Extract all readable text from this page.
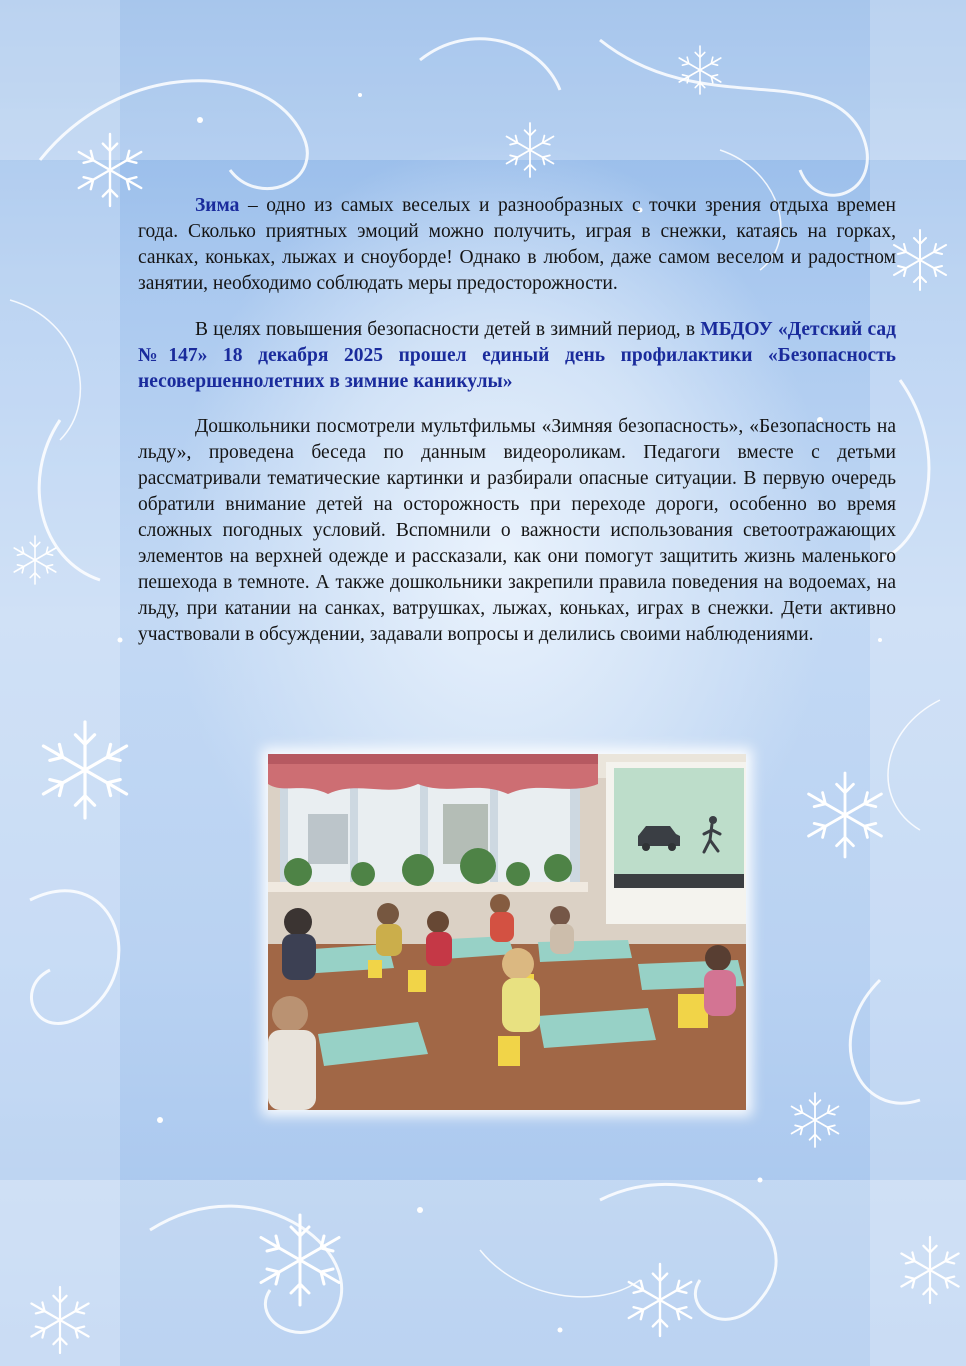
Зима – одно из самых веселых и разнообразных с точки зрения отдыха времен года. Сколько приятных эмоций можно получить, играя в снежки, катаясь на горках, санках, коньках, лыжах и сноуборде! Однако в любом, даже самом веселом и радостном занятии, необходимо соблюдать меры предосторожности.

В целях повышения безопасности детей в зимний период, в МБДОУ «Детский сад №147» 18 декабря 2025 прошел единый день профилактики «Безопасность несовершеннолетних в зимние каникулы»

Дошкольники посмотрели мультфильмы «Зимняя безопасность», «Безопасность на льду», проведена беседа по данным видеороликам. Педагоги вместе с детьми рассматривали тематические картинки и разбирали опасные ситуации. В первую очередь обратили внимание детей на осторожность при переходе дороги, особенно во время сложных погодных условий. Вспомнили о важности использования светоотражающих элементов на верхней одежде и рассказали, как они помогут защитить жизнь маленького пешехода в темноте. А также дошкольники закрепили правила поведения на водоемах, на льду, при катании на санках, ватрушках, лыжах, коньках, играх в снежки. Дети активно участвовали в обсуждении, задавали вопросы и делились своими наблюдениями.
